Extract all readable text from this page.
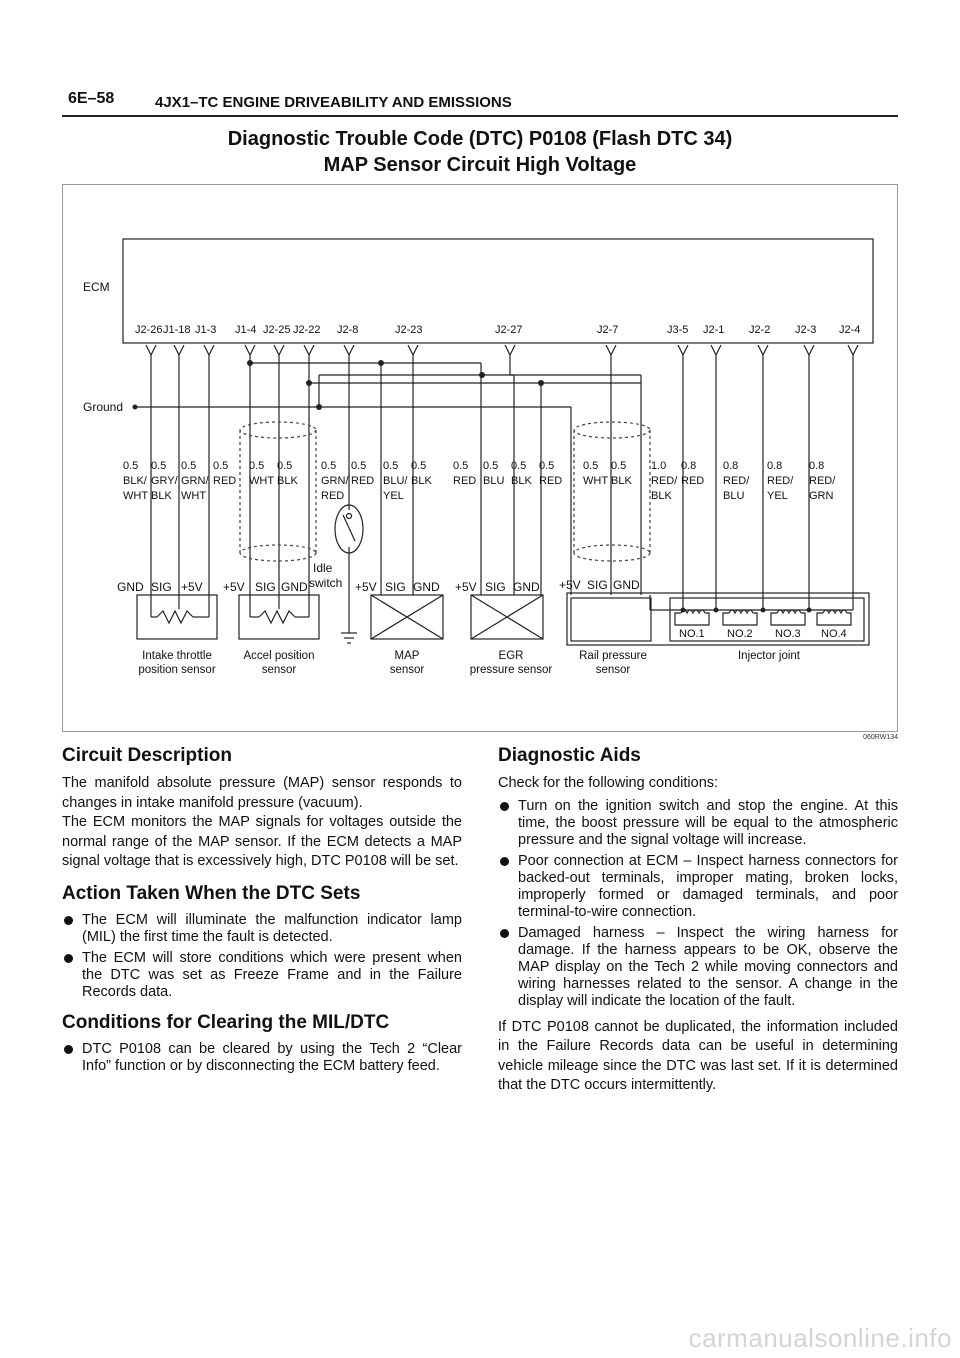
6E–58	4JX1–TC ENGINE DRIVEABILITY AND EMISSIONS
Diagnostic Trouble Code (DTC) P0108 (Flash DTC 34)
MAP Sensor Circuit High Voltage
ECM
Ground
J2-26 J1-18 J1-3 J1-4 J2-25 J2-22 J2-8	J2-23	J2-27	J2-7	J3-5 J2-1 J2-2 J2-3 J2-4
0.5
BLK/
WHT
0.5
GRY/
BLK
0.5
GRN/
WHT
0.5
RED
0.5
WHT
0.5
BLK
0.5
GRN/
RED
0.5
RED
0.5
BLU/
YEL
0.5
BLK
0.5
RED
0.5
BLU
0.5
BLK
0.5
RED
0.5
WHT
0.5
BLK
1.0
RED/
BLK
0.8
RED
0.8
RED/
BLU
0.8
RED/
YEL
0.8
RED/
GRN
GND SIG +5V +5V SIG GND	+5V SIG GND +5V SIG GND +5V SIG GND
Idle
switch
NO.1 NO.2 NO.3 NO.4
Intake throttle
position sensor
Accel position
sensor
MAP
sensor
EGR
pressure sensor
Rail pressure
sensor
Injector joint
060RW134
Circuit Description

The manifold absolute pressure (MAP) sensor responds to changes in intake manifold pressure (vacuum).

The ECM monitors the MAP signals for voltages outside the normal range of the MAP sensor. If the ECM detects a MAP signal voltage that is excessively high, DTC P0108 will be set.

Action Taken When the DTC Sets
The ECM will illuminate the malfunction indicator lamp (MIL) the first time the fault is detected.
The ECM will store conditions which were present when the DTC was set as Freeze Frame and in the Failure Records data.
Conditions for Clearing the MIL/DTC
DTC P0108 can be cleared by using the Tech 2 “Clear Info” function or by disconnecting the ECM battery feed.
Diagnostic Aids

Check for the following conditions:

Turn on the ignition switch and stop the engine. At this time, the boost pressure will be equal to the atmospheric pressure and the signal voltage will increase.
Poor connection at ECM – Inspect harness connectors for backed-out terminals, improper mating, broken locks, improperly formed or damaged terminals, and poor terminal-to-wire connection.
Damaged harness – Inspect the wiring harness for damage. If the harness appears to be OK, observe the MAP display on the Tech 2 while moving connectors and wiring harnesses related to the sensor. A change in the display will indicate the location of the fault.

If DTC P0108 cannot be duplicated, the information included in the Failure Records data can be useful in determining vehicle mileage since the DTC was last set. If it is determined that the DTC occurs intermittently.

carmanualsonline.info
